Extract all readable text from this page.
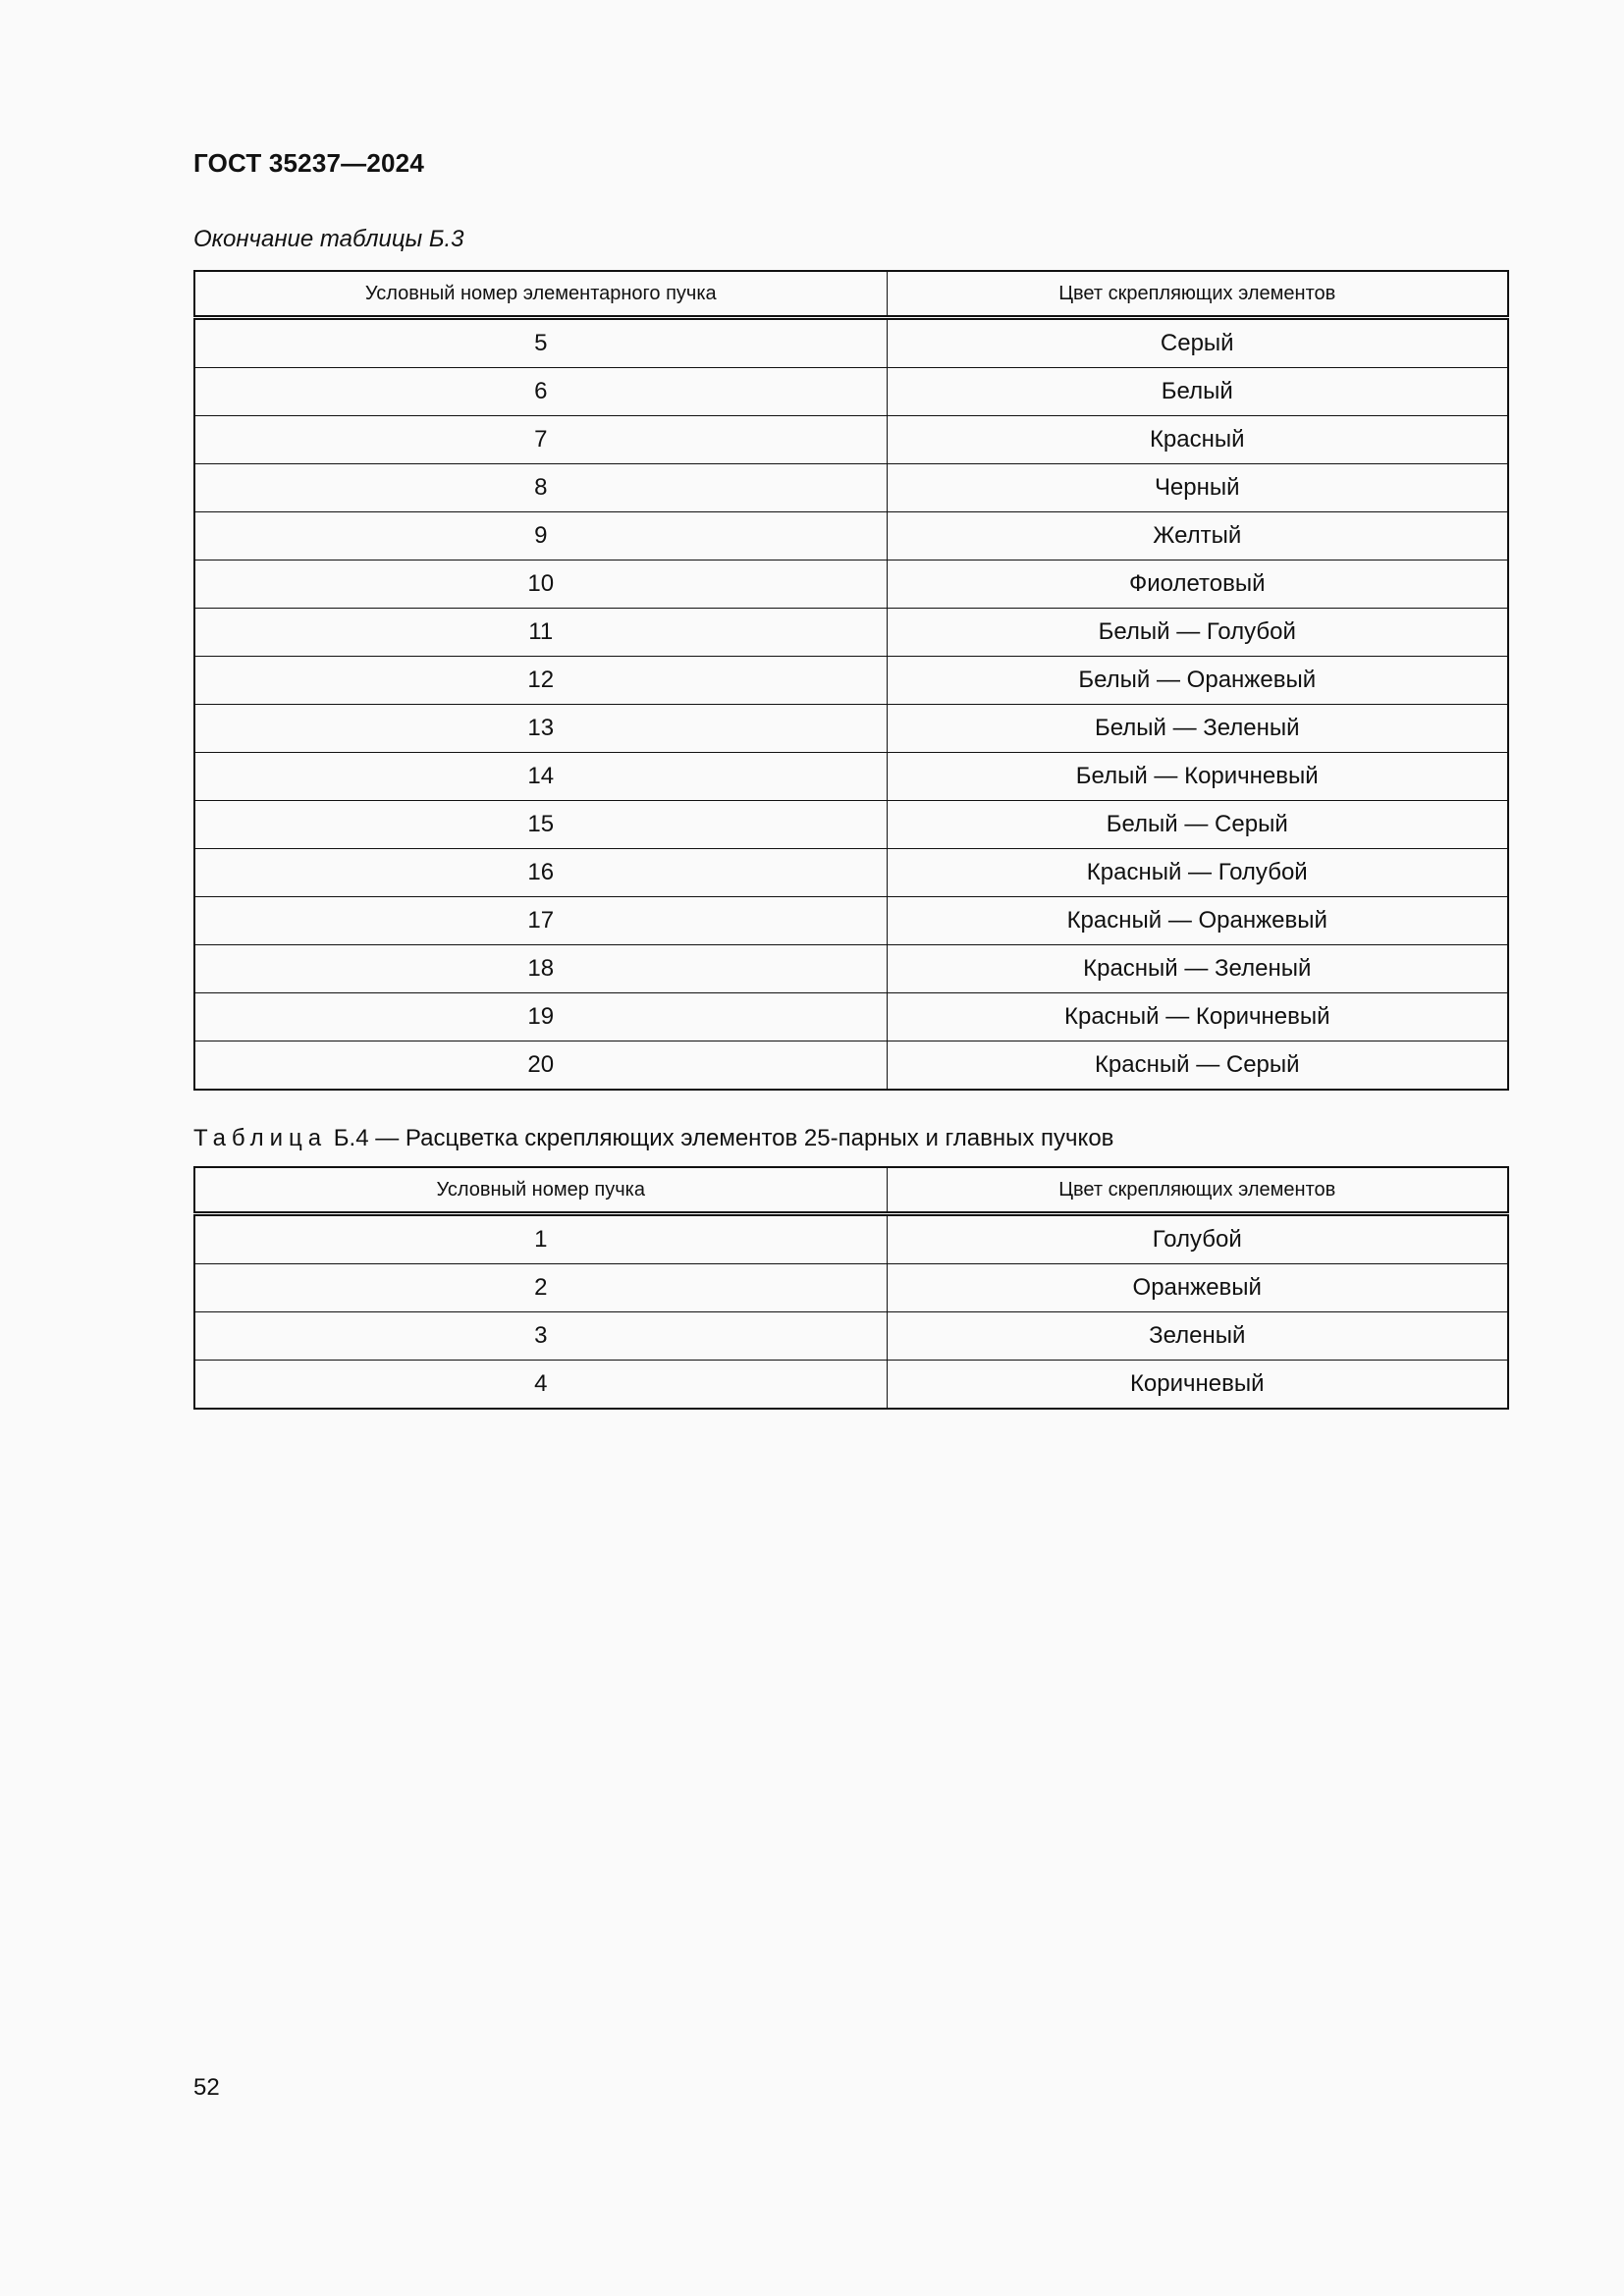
ГОСТ 35237—2024
Окончание таблицы Б.3
Условный номер элементарного пучка	Цвет скрепляющих элементов
5	Серый
6	Белый
7	Красный
8	Черный
9	Желтый
10	Фиолетовый
11	Белый — Голубой
12	Белый — Оранжевый
13	Белый — Зеленый
14	Белый — Коричневый
15	Белый — Серый
16	Красный — Голубой
17	Красный — Оранжевый
18	Красный — Зеленый
19	Красный — Коричневый
20	Красный — Серый
Таблица Б.4 — Расцветка скрепляющих элементов 25-парных и главных пучков
Условный номер пучка	Цвет скрепляющих элементов
1	Голубой
2	Оранжевый
3	Зеленый
4	Коричневый
52
